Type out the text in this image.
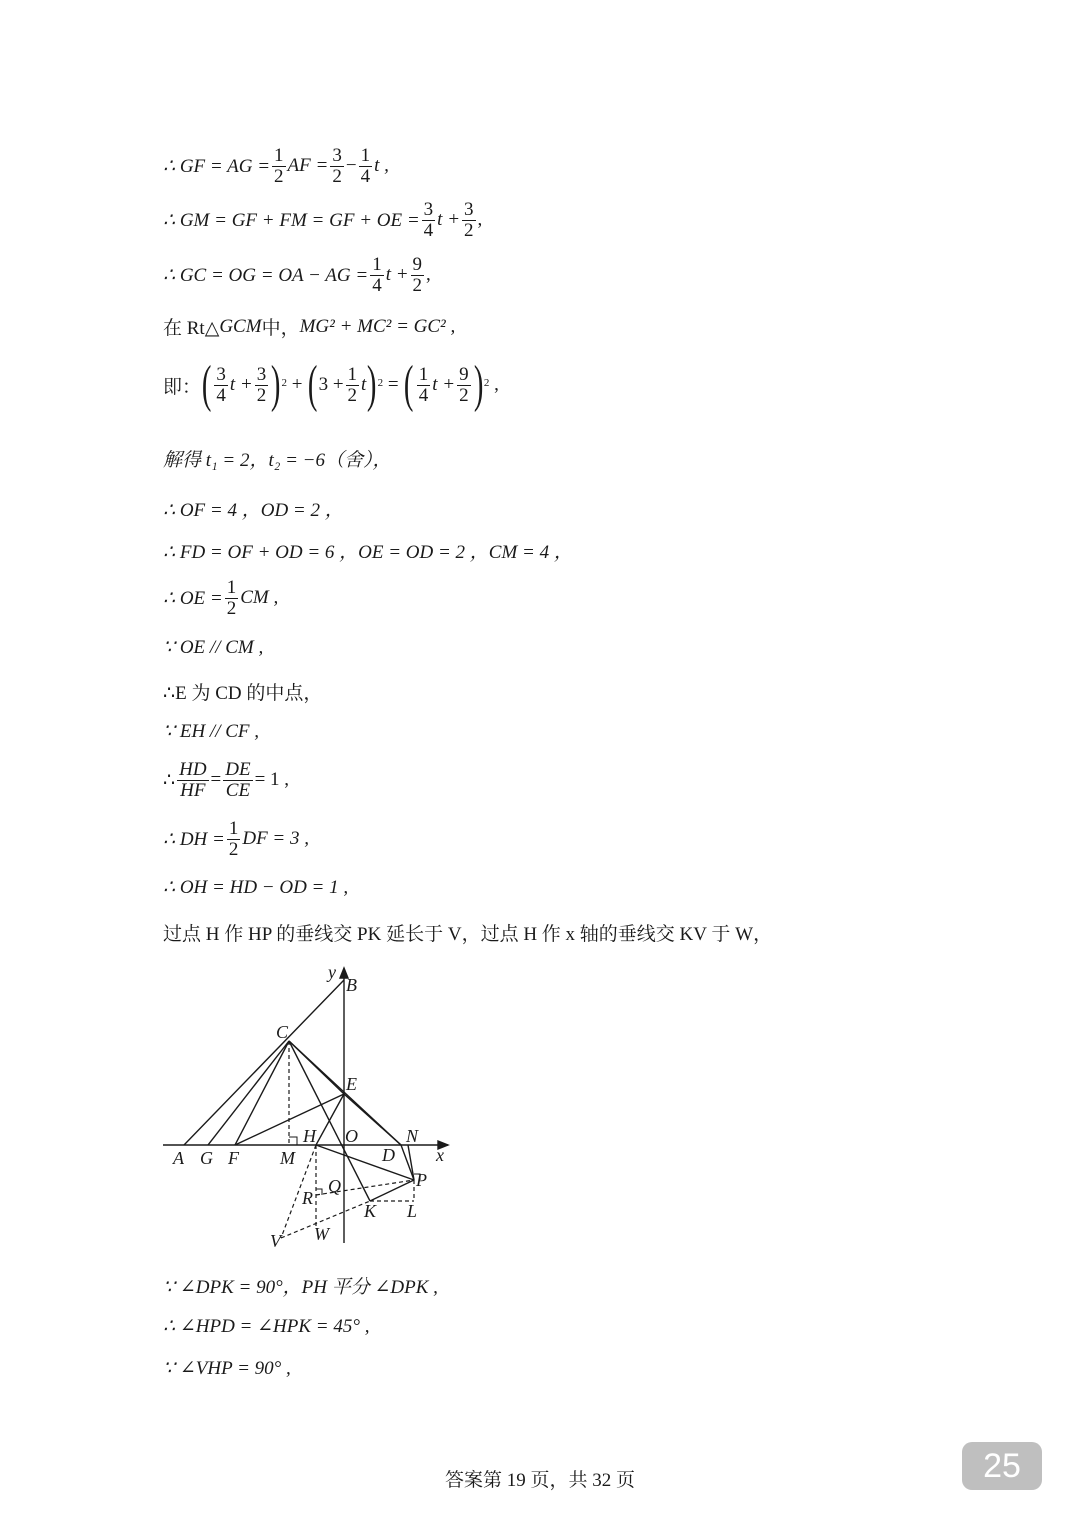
∴ GF = AG = $\frac{1}{2}$ AF = $\frac{3}{2} - \frac{1}{4}$ t ,
∴ GM = GF + FM = GF + OE = $\frac{3}{4}$ $t + \frac{3}{2}$ ,
∴ GC = OG = OA − AG = $\frac{1}{4}$ $t + \frac{9}{2}$ ,
在 Rt△ GCM 中， MG² + MC² = GC² ,
即： ( $\frac{3}{4}$ $t + \frac{3}{2} )^2$ + ( $3 + \frac{1}{2}$ t )$^2$ = ( $\frac{1}{4}$ $t + \frac{9}{2} )^2$ ,
解得 t₁ = 2，t₂ = −6（舍），
∴ OF = 4 ，OD = 2 ，
∴ FD = OF + OD = 6 ，OE = OD = 2 ，CM = 4 ，
∴ OE = $\frac{1}{2}$ CM ,
∵ OE // CM ,
∴E 为 CD 的中点，
∵ EH // CF ,
∴ $\frac{HD}{HF} = \frac{DE}{CE} = 1$ ,
∴ DH = $\frac{1}{2}$ DF = 3 ,
∴ OH = HD − OD = 1 ,
过点 H 作 HP 的垂线交 PK 延长于 V，过点 H 作 x 轴的垂线交 KV 于 W，
y
B
C
E
H O	N
A G F M	D x
P
R
Q
K L
V W
∵ ∠DPK = 90°，PH 平分 ∠DPK ,
∴ ∠HPD = ∠HPK = 45° ,
∵ ∠VHP = 90° ,
答案第 19 页，共 32 页	25
